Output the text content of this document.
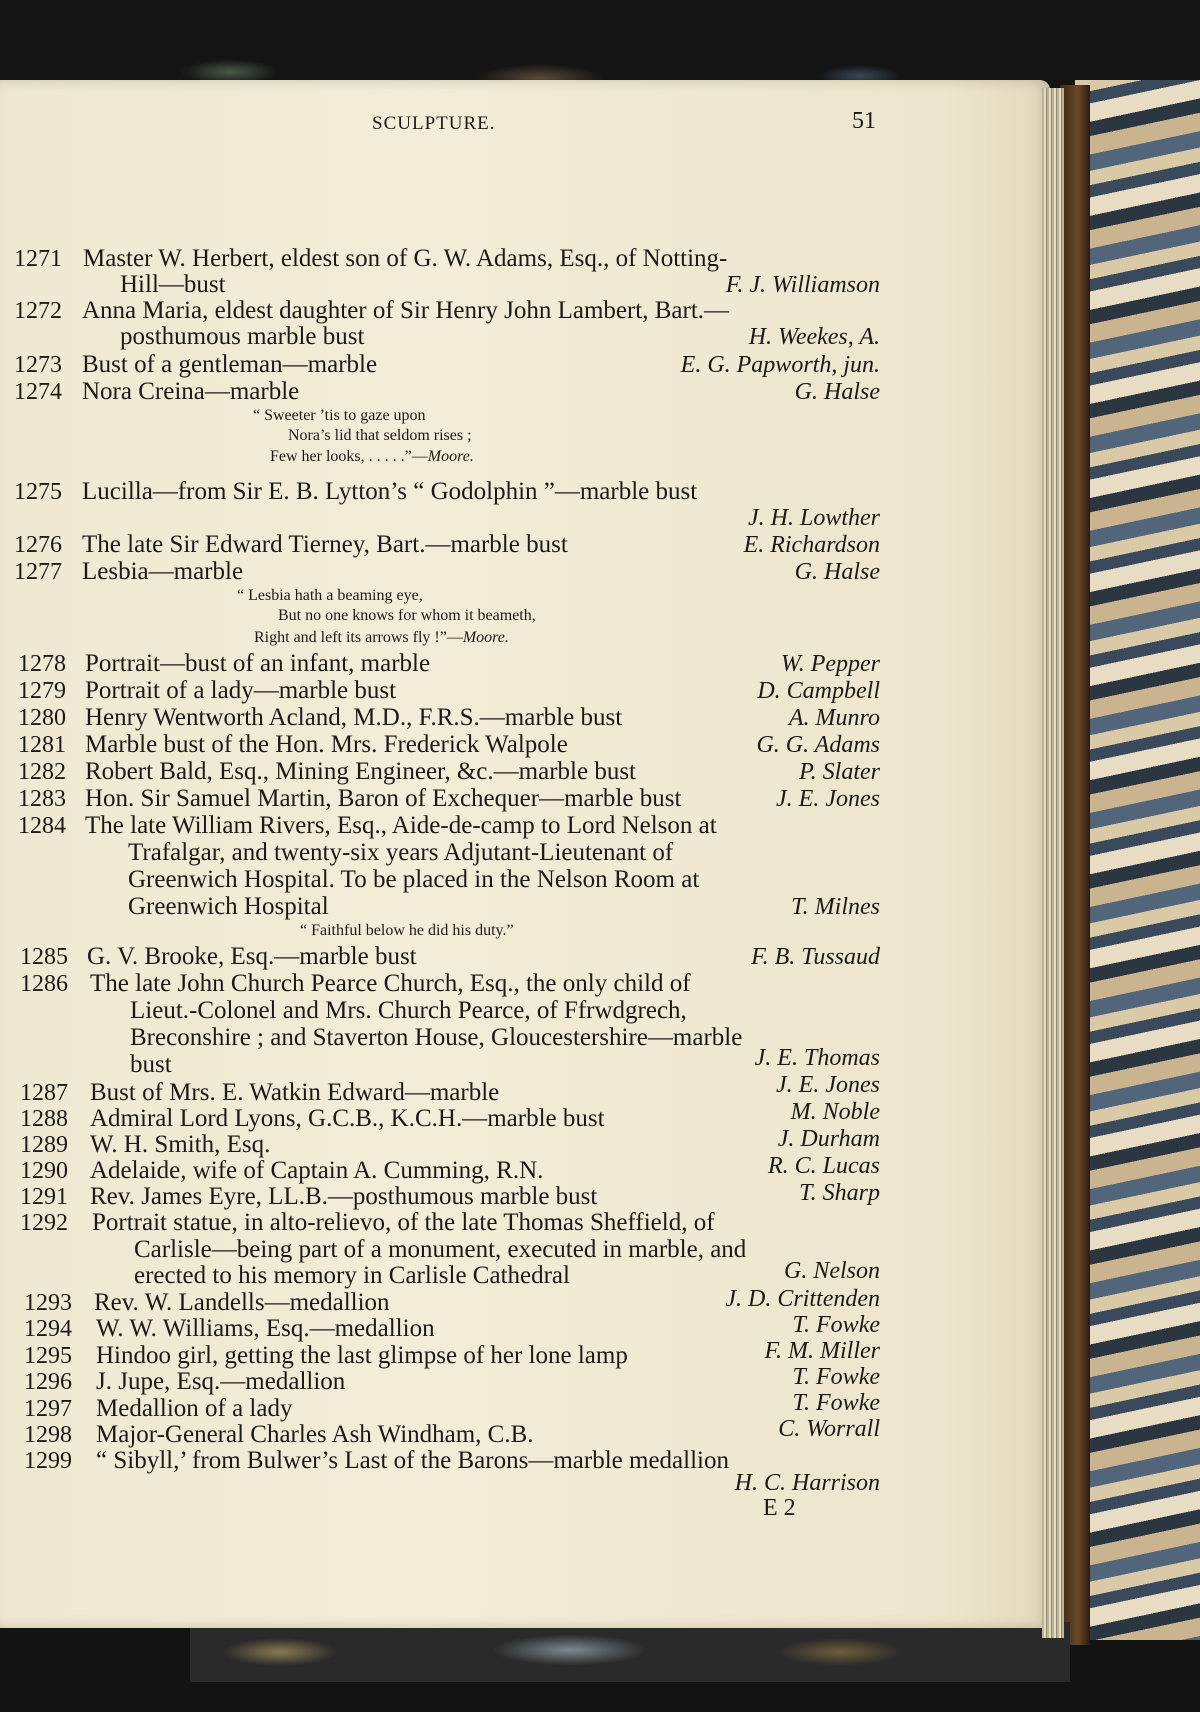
SCULPTURE.	51
1271 Master W. Herbert, eldest son of G. W. Adams, Esq., of Notting-
Hill—bust	F. J. Williamson
1272 Anna Maria, eldest daughter of Sir Henry John Lambert, Bart.—
posthumous marble bust	H. Weekes, A.
1273 Bust of a gentleman—marble	E. G. Papworth, jun.
1274 Nora Creina—marble	G. Halse
“ Sweeter ’tis to gaze upon
Nora’s lid that seldom rises ;
Few her looks, . . . . .”—Moore.
1275 Lucilla—from Sir E. B. Lytton’s “ Godolphin ”—marble bust
J. H. Lowther
1276 The late Sir Edward Tierney, Bart.—marble bust	E. Richardson
1277 Lesbia—marble	G. Halse
“ Lesbia hath a beaming eye,
But no one knows for whom it beameth,
Right and left its arrows fly !”—Moore.
1278 Portrait—bust of an infant, marble	W. Pepper
1279 Portrait of a lady—marble bust	D. Campbell
1280 Henry Wentworth Acland, M.D., F.R.S.—marble bust	A. Munro
1281 Marble bust of the Hon. Mrs. Frederick Walpole	G. G. Adams
1282 Robert Bald, Esq., Mining Engineer, &c.—marble bust	P. Slater
1283 Hon. Sir Samuel Martin, Baron of Exchequer—marble bust	J. E. Jones
1284 The late William Rivers, Esq., Aide-de-camp to Lord Nelson at
Trafalgar, and twenty-six years Adjutant-Lieutenant of
Greenwich Hospital. To be placed in the Nelson Room at
Greenwich Hospital	T. Milnes
“ Faithful below he did his duty.”
1285 G. V. Brooke, Esq.—marble bust	F. B. Tussaud
1286 The late John Church Pearce Church, Esq., the only child of
Lieut.-Colonel and Mrs. Church Pearce, of Ffrwdgrech,
Breconshire ; and Staverton House, Gloucestershire—marble
bust	J. E. Thomas
1287 Bust of Mrs. E. Watkin Edward—marble	J. E. Jones
1288 Admiral Lord Lyons, G.C.B., K.C.H.—marble bust	M. Noble
1289 W. H. Smith, Esq.	J. Durham
1290 Adelaide, wife of Captain A. Cumming, R.N.	R. C. Lucas
1291 Rev. James Eyre, LL.B.—posthumous marble bust	T. Sharp
1292 Portrait statue, in alto-relievo, of the late Thomas Sheffield, of
Carlisle—being part of a monument, executed in marble, and
erected to his memory in Carlisle Cathedral	G. Nelson
1293 Rev. W. Landells—medallion	J. D. Crittenden
1294 W. W. Williams, Esq.—medallion	T. Fowke
1295 Hindoo girl, getting the last glimpse of her lone lamp	F. M. Miller
1296 J. Jupe, Esq.—medallion	T. Fowke
1297 Medallion of a lady	T. Fowke
1298 Major-General Charles Ash Windham, C.B.	C. Worrall
1299 “ Sibyll,’ from Bulwer’s Last of the Barons—marble medallion
H. C. Harrison
E 2
